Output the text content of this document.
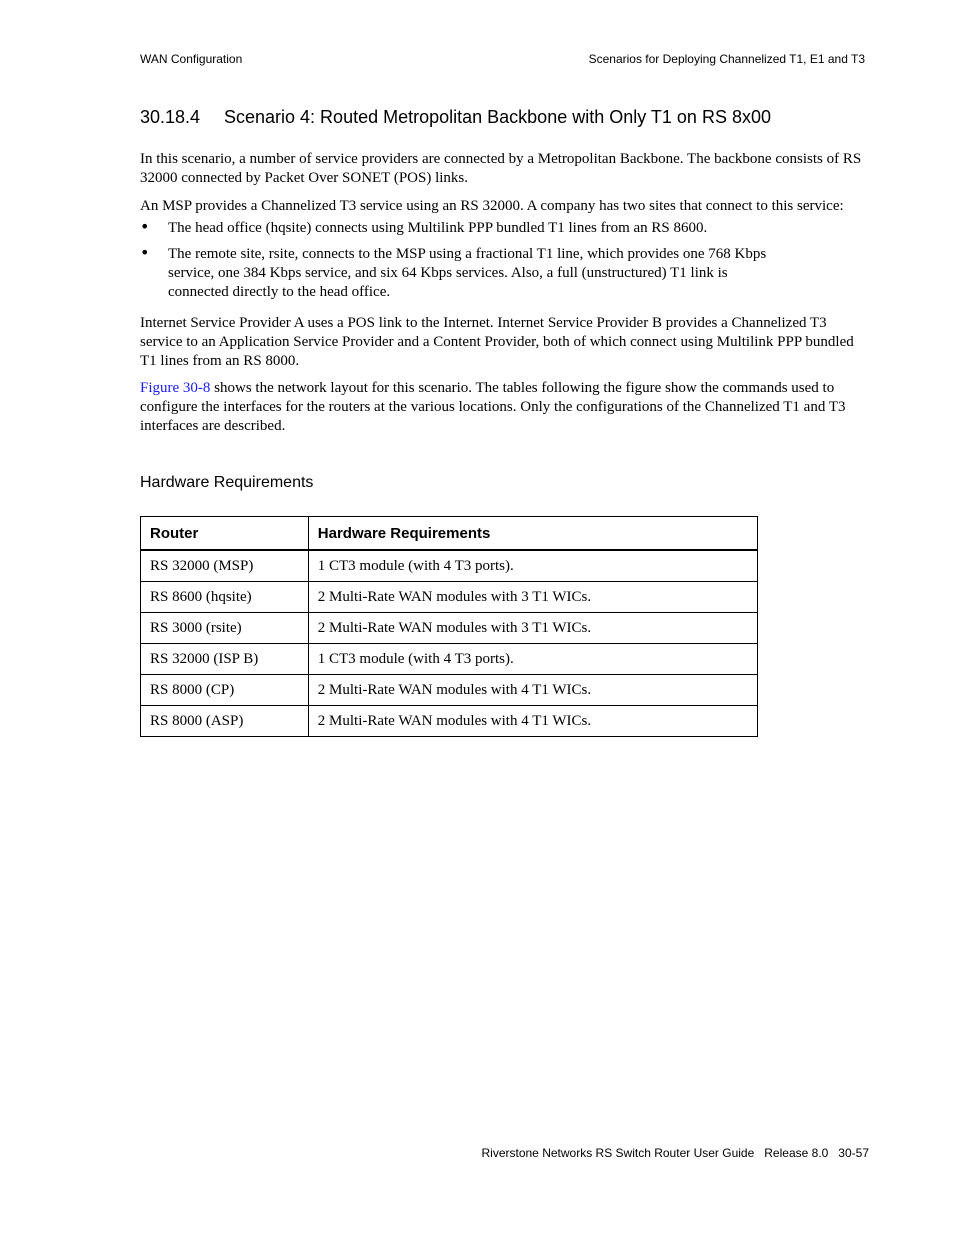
WAN Configuration	Scenarios for Deploying Channelized T1, E1 and T3
30.18.4 Scenario 4: Routed Metropolitan Backbone with Only T1 on RS 8x00
In this scenario, a number of service providers are connected by a Metropolitan Backbone. The backbone consists of RS 32000 connected by Packet Over SONET (POS) links.
An MSP provides a Channelized T3 service using an RS 32000. A company has two sites that connect to this service:
• The head office (hqsite) connects using Multilink PPP bundled T1 lines from an RS 8600.
• The remote site, rsite, connects to the MSP using a fractional T1 line, which provides one 768 Kbps service, one 384 Kbps service, and six 64 Kbps services. Also, a full (unstructured) T1 link is connected directly to the head office.
Internet Service Provider A uses a POS link to the Internet. Internet Service Provider B provides a Channelized T3 service to an Application Service Provider and a Content Provider, both of which connect using Multilink PPP bundled T1 lines from an RS 8000.
Figure 30-8 shows the network layout for this scenario. The tables following the figure show the commands used to configure the interfaces for the routers at the various locations. Only the configurations of the Channelized T1 and T3 interfaces are described.
Hardware Requirements
Router	Hardware Requirements
RS 32000 (MSP)	1 CT3 module (with 4 T3 ports).
RS 8600 (hqsite)	2 Multi-Rate WAN modules with 3 T1 WICs.
RS 3000 (rsite)	2 Multi-Rate WAN modules with 3 T1 WICs.
RS 32000 (ISP B)	1 CT3 module (with 4 T3 ports).
RS 8000 (CP)	2 Multi-Rate WAN modules with 4 T1 WICs.
RS 8000 (ASP)	2 Multi-Rate WAN modules with 4 T1 WICs.
Riverstone Networks RS Switch Router User Guide   Release 8.0   30-57
